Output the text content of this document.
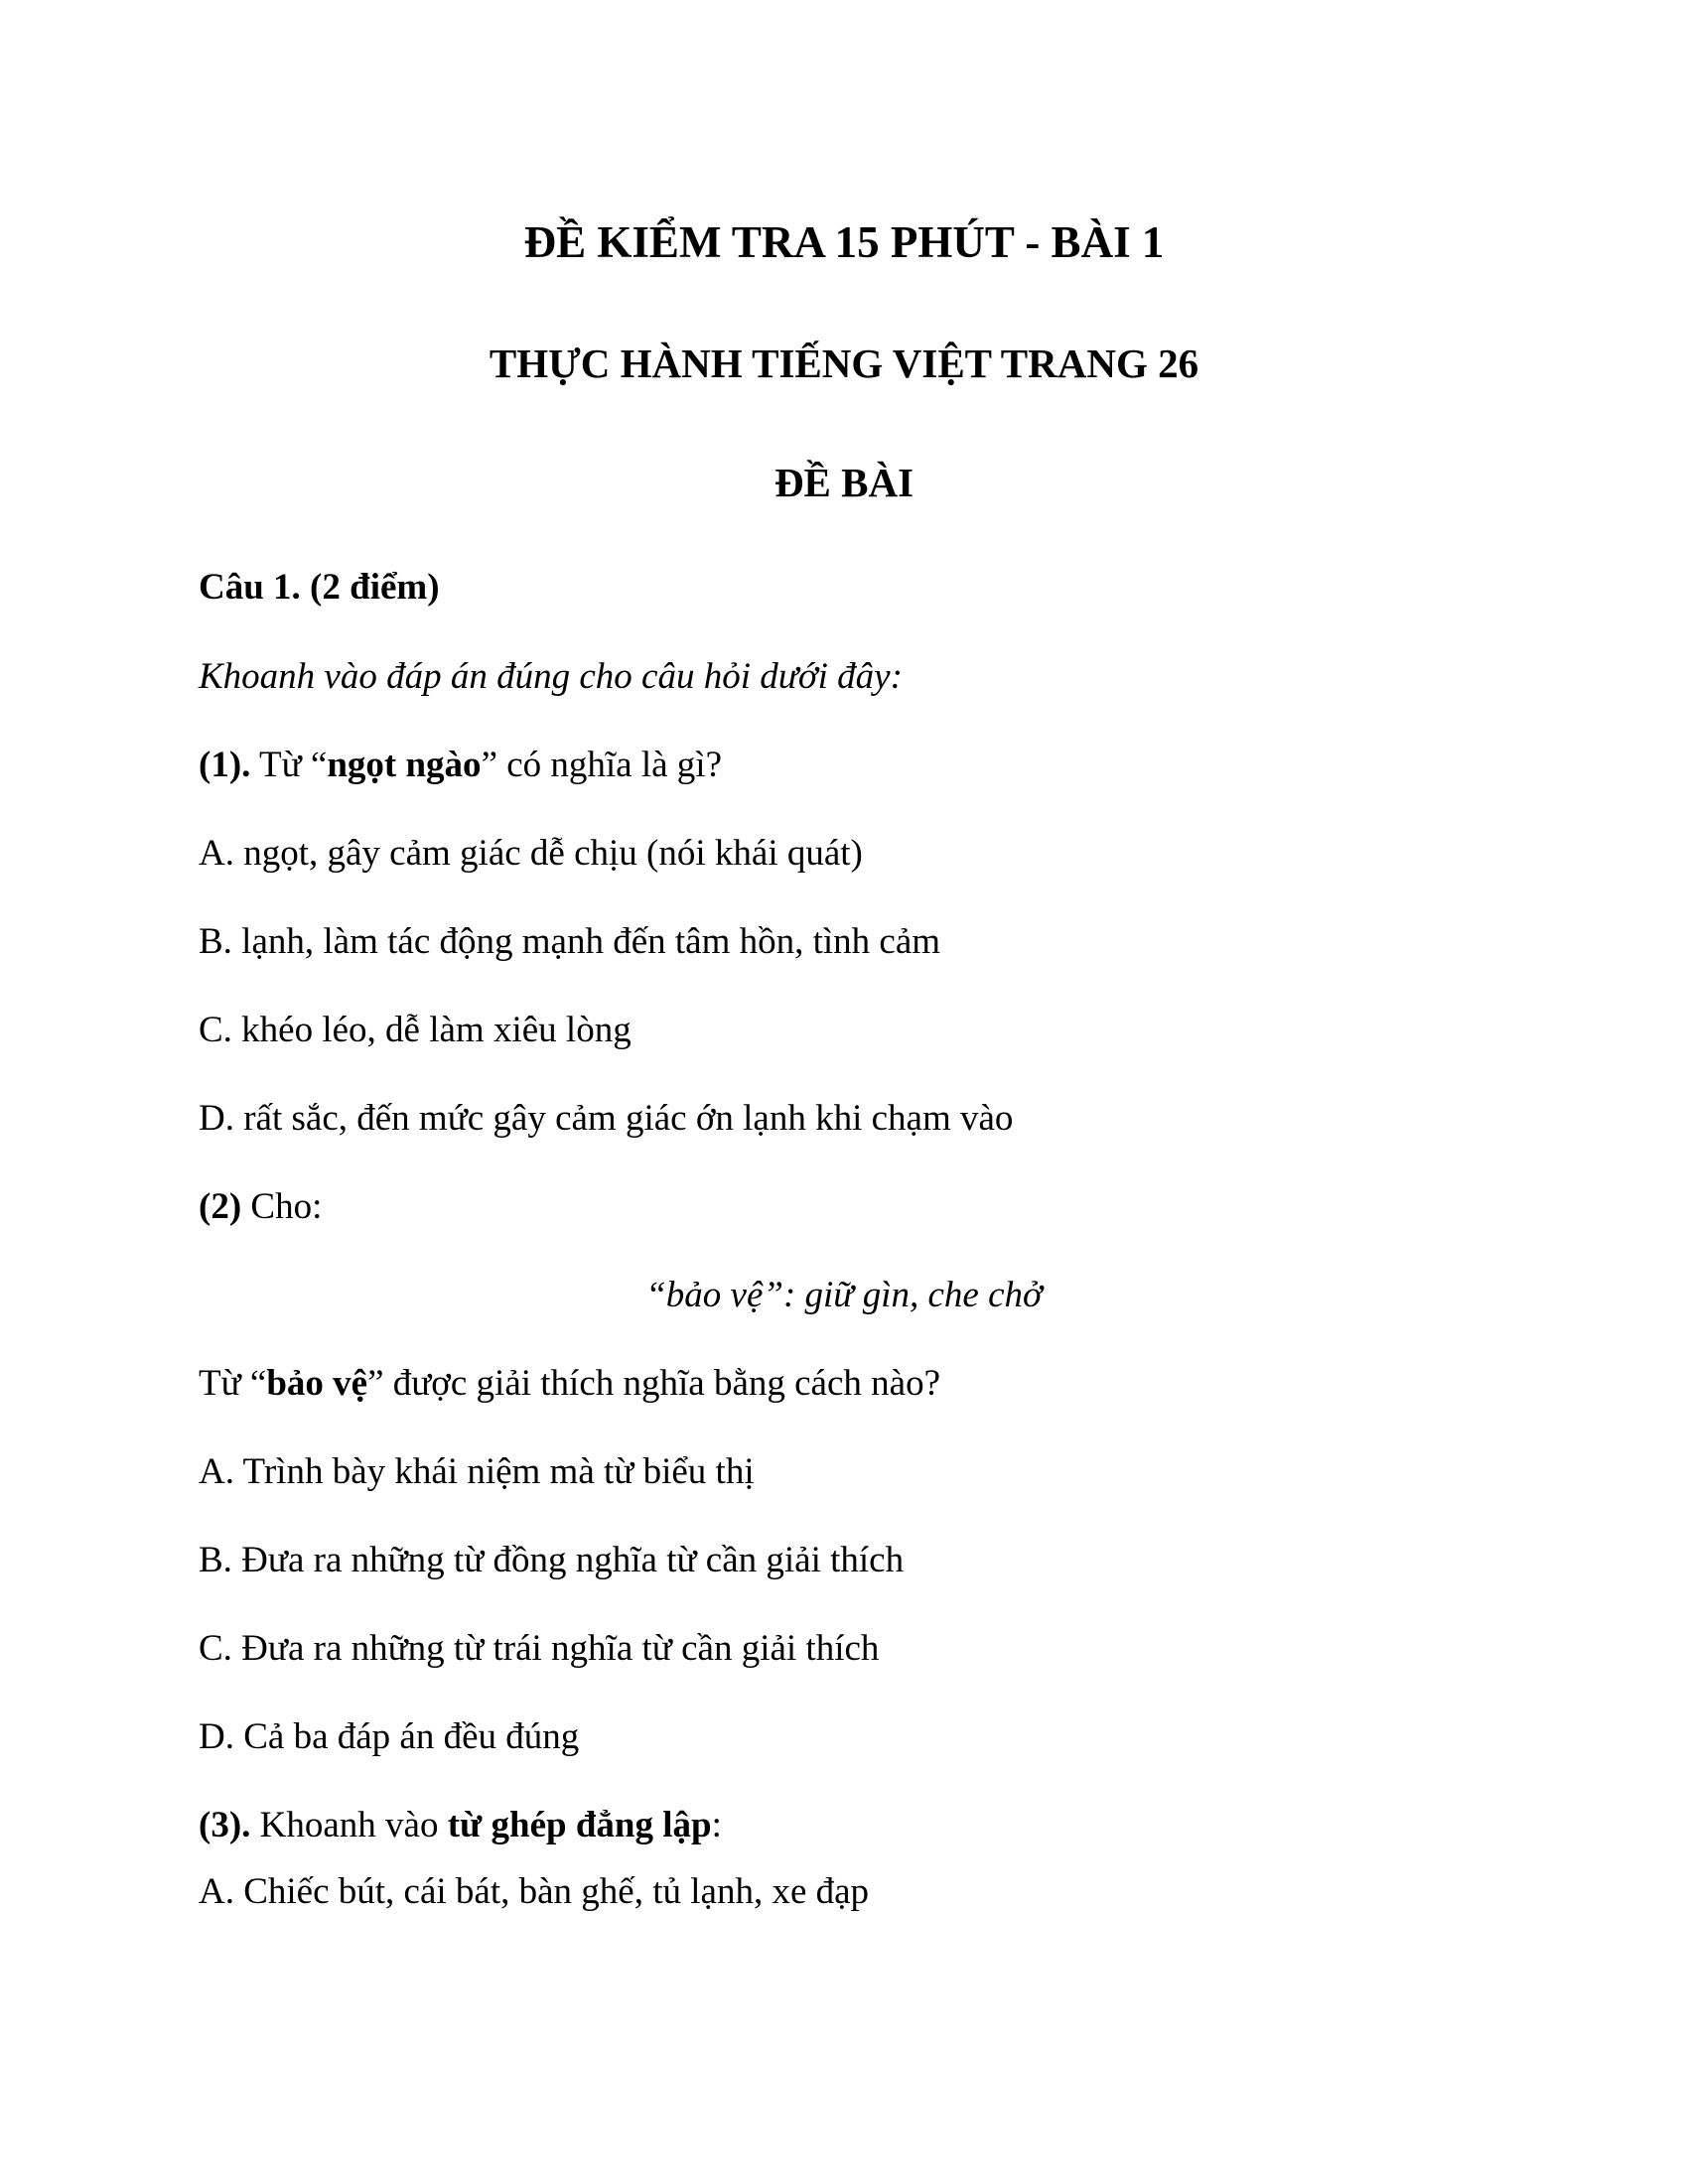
ĐỀ KIỂM TRA 15 PHÚT - BÀI 1
THỰC HÀNH TIẾNG VIỆT TRANG 26
ĐỀ BÀI
Câu 1. (2 điểm)
Khoanh vào đáp án đúng cho câu hỏi dưới đây:
(1). Từ “ngọt ngào” có nghĩa là gì?
A. ngọt, gây cảm giác dễ chịu (nói khái quát)
B. lạnh, làm tác động mạnh đến tâm hồn, tình cảm
C. khéo léo, dễ làm xiêu lòng
D. rất sắc, đến mức gây cảm giác ớn lạnh khi chạm vào
(2) Cho:
“bảo vệ”: giữ gìn, che chở
Từ “bảo vệ” được giải thích nghĩa bằng cách nào?
A. Trình bày khái niệm mà từ biểu thị
B. Đưa ra những từ đồng nghĩa từ cần giải thích
C. Đưa ra những từ trái nghĩa từ cần giải thích
D. Cả ba đáp án đều đúng
(3). Khoanh vào từ ghép đẳng lập:
A. Chiếc bút, cái bát, bàn ghế, tủ lạnh, xe đạp
